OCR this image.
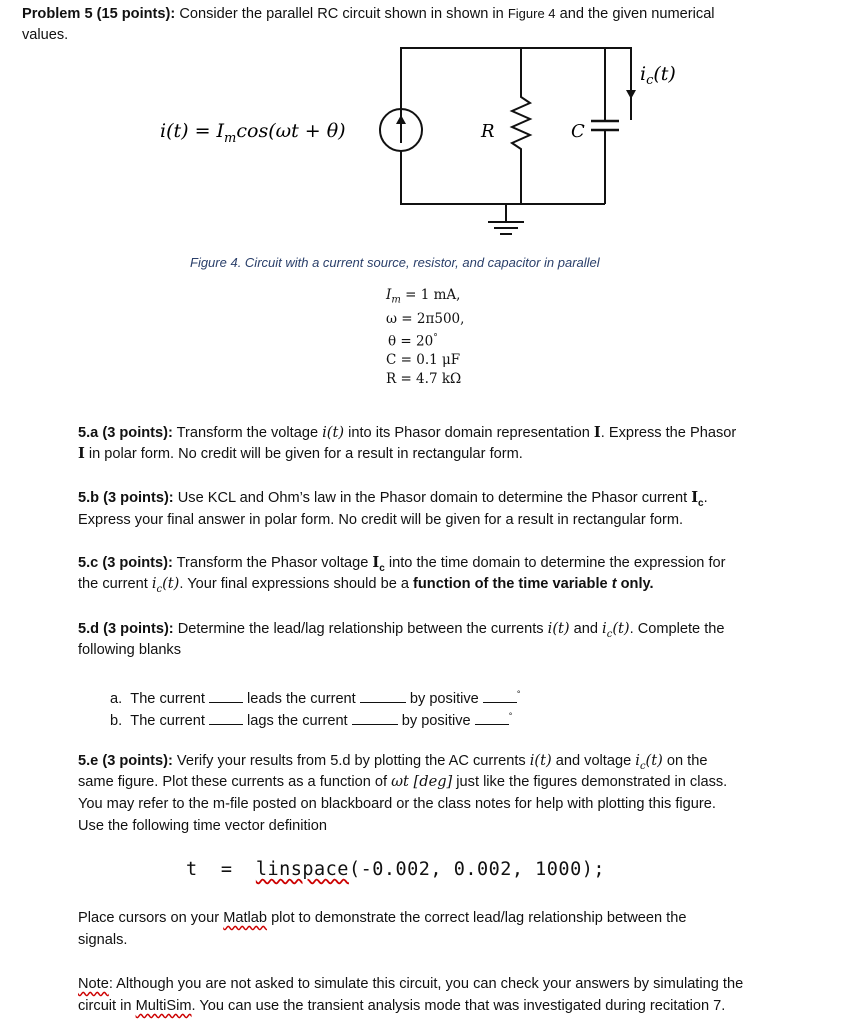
Problem 5 (15 points): Consider the parallel RC circuit shown in shown in Figure 4 and the given numerical
values.
$i(t) = I_m\cos(\omega t + \theta)$	R	C
$i_c(t)$
Figure 4. Circuit with a current source, resistor, and capacitor in parallel
$I_m = 1$ mA,
ω = 2π500,
θ = 20°
C = 0.1 μF
R = 4.7 kΩ
5.a (3 points): Transform the voltage i(t) into its Phasor domain representation I. Express the Phasor
I in polar form. No credit will be given for a result in rectangular form.
5.b (3 points): Use KCL and Ohm’s law in the Phasor domain to determine the Phasor current $I_c$.
Express your final answer in polar form. No credit will be given for a result in rectangular form.
5.c (3 points): Transform the Phasor voltage $I_c$ into the time domain to determine the expression for
the current $i_c(t)$. Your final expressions should be a function of the time variable t only.
5.d (3 points): Determine the lead/lag relationship between the currents i(t) and $i_c(t)$. Complete the
following blanks
a. The current  leads the current	by positive	°
b. The current  lags the current	by positive	°
5.e (3 points): Verify your results from 5.d by plotting the AC currents i(t) and voltage $i_c(t)$ on the
same figure. Plot these currents as a function of ωt [deg] just like the figures demonstrated in class.
You may refer to the m-file posted on blackboard or the class notes for help with plotting this figure.
Use the following time vector definition
t = linspace(-0.002, 0.002, 1000);
Place cursors on your Matlab plot to demonstrate the correct lead/lag relationship between the
signals.
Note: Although you are not asked to simulate this circuit, you can check your answers by simulating the
circuit in MultiSim. You can use the transient analysis mode that was investigated during recitation 7.
